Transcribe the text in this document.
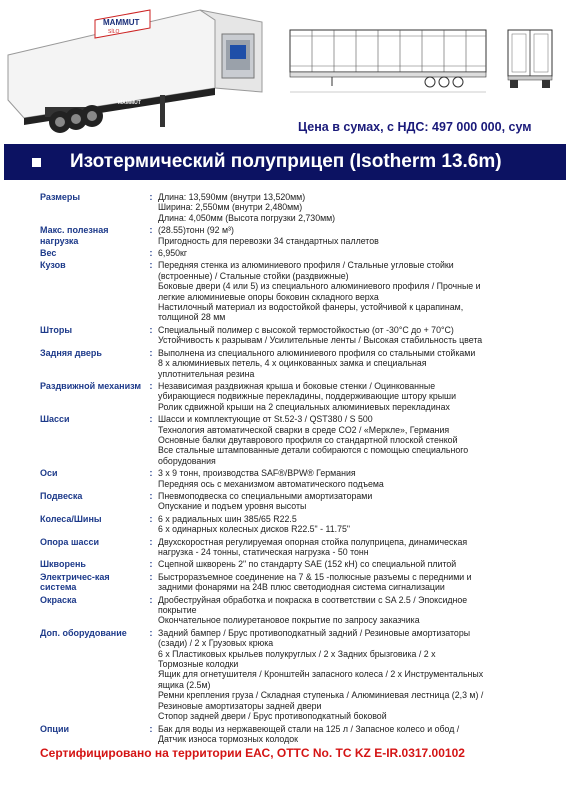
MAMMUT
SİLO
MAMMUT
Цена в сумах, с НДС: 497 000 000, сум
Изотермический полуприцеп (Isotherm 13.6m)
Размеры	: Длина: 13,590мм (внутри 13,520мм)
Ширина: 2,550мм (внутри 2,480мм)
Длина: 4,050мм (Высота погрузки 2,730мм)
Макс. полезная нагрузка
: (28.55)тонн (92 м³)
Пригодность для перевозки 34 стандартных паллетов
Вес	: 6,950кг
Кузов	: Передняя стенка из алюминиевого профиля / Стальные угловые стойки
(встроенные) / Стальные стойки (раздвижные)
Боковые двери (4 или 5) из специального алюминиевого профиля / Прочные и
легкие алюминиевые опоры боковин складного верха
Настилочный материал из водостойкой фанеры, устойчивой к царапинам,
толщиной 28 мм
Шторы	: Специальный полимер с высокой термостойкостью (от -30°C до + 70°C)
Устойчивость к разрывам / Усилительные ленты / Высокая стабильность цвета
Задняя дверь	: Выполнена из специального алюминиевого профиля со стальными стойками
8 х алюминиевых петель, 4 х оцинкованных замка и специальная
уплотнительная резина
Раздвижной механизм : Независимая раздвижная крыша и боковые стенки / Оцинкованные
убирающиеся подвижные перекладины, поддерживающие штору крыши
Ролик сдвижной крыши на 2 специальных алюминиевых перекладинах
Шасси	: Шасси и комплектующие от St.52-3 / QST380 / S 500
Технология автоматической сварки в среде CO2 / «Меркле», Германия
Основные балки двутаврового профиля со стандартной плоской стенкой
Все стальные штампованные детали собираются с помощью специального
оборудования
Оси	: 3 х 9 тонн, производства SAF®/BPW® Германия
Передняя ось с механизмом автоматического подъема
Подвеска	: Пневмоподвеска со специальными амортизаторами
Опускание и подъем уровня высоты
Колеса/Шины	: 6 х радиальных шин 385/65 R22.5
6 х одинарных колесных дисков R22.5" - 11.75"
Опора шасси	: Двухскоростная регулируемая опорная стойка полуприцепа, динамическая
нагрузка - 24 тонны, статическая нагрузка - 50 тонн
Шкворень	: Сцепной шкворень 2" по стандарту SAE (152 кН) со специальной плитой
Электричес-кая система
: Быстроразъемное соединение на 7 & 15 -полюсные разъемы с передними и
задними фонарями на 24В плюс светодиодная система сигнализации
Окраска	: Дробеструйная обработка и покраска в соответствии с SA 2.5 / Эпоксидное
покрытие
Окончательное полиуретановое покрытие по запросу заказчика
Доп. оборудование	: Задний бампер / Брус противоподкатный задний / Резиновые амортизаторы
(сзади) / 2 х Грузовых крюка
6 х Пластиковых крыльев полукруглых / 2 х Задних брызговика / 2 х
Тормозные колодки
Ящик для огнетушителя / Кронштейн запасного колеса / 2 х Инструментальных
ящика (2.5м)
Ремни крепления груза / Складная ступенька / Алюминиевая лестница (2,3 м) /
Резиновые амортизаторы задней двери
Стопор задней двери / Брус противоподкатный боковой
Опции	: Бак для воды из нержавеющей стали на 125 л / Запасное колесо и обод /
Датчик износа тормозных колодок
Сертифицировано на территории ЕАС, ОТТС No. TC KZ E-IR.0317.00102
